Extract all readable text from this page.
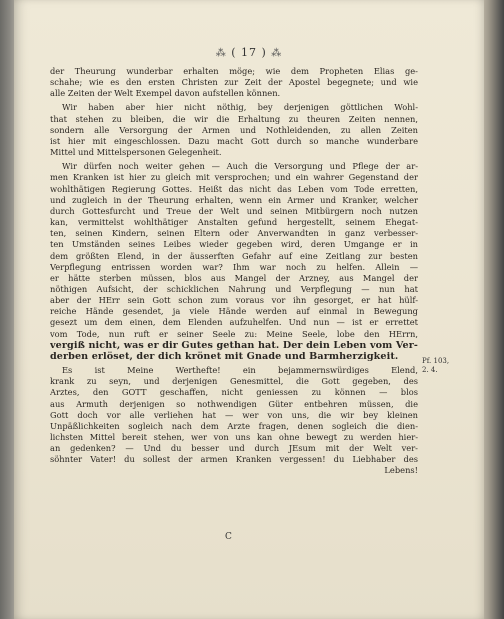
⁂ ( 17 ) ⁂
der Theurung wunderbar erhalten möge; wie dem Propheten Elias ge-
schahe; wie es den ersten Christen zur Zeit der Apostel begegnete; und wie
alle Zeiten der Welt Exempel davon aufstellen können.
Wir haben aber hier nicht nöthig, bey derjenigen göttlichen Wohl-
that stehen zu bleiben, die wir die Erhaltung zu theuren Zeiten nennen,
sondern alle Versorgung der Armen und Nothleidenden, zu allen Zeiten
ist hier mit eingeschlossen. Dazu macht Gott durch so manche wunderbare
Mittel und Mittelspersonen Gelegenheit.
Wir dürfen noch weiter gehen — Auch die Versorgung und Pflege der ar-
men Kranken ist hier zu gleich mit versprochen; und ein wahrer Gegenstand der
wohlthätigen Regierung Gottes. Heißt das nicht das Leben vom Tode erretten,
und zugleich in der Theurung erhalten, wenn ein Armer und Kranker, welcher
durch Gottesfurcht und Treue der Welt und seinen Mitbürgern noch nutzen
kan, vermittelst wohlthätiger Anstalten gefund hergestellt, seinem Ehegat-
ten, seinen Kindern, seinen Eltern oder Anverwandten in ganz verbesser-
ten Umständen seines Leibes wieder gegeben wird, deren Umgange er in
dem größten Elend, in der äusserften Gefahr auf eine Zeitlang zur besten
Verpflegung entrissen worden war? Ihm war noch zu helfen. Allein —
er hätte sterben müssen, blos aus Mangel der Arzney, aus Mangel der
nöthigen Aufsicht, der schicklichen Nahrung und Verpflegung — nun hat
aber der HErr sein Gott schon zum voraus vor ihn gesorget, er hat hülf-
reiche Hände gesendet, ja viele Hände werden auf einmal in Bewegung
gesezt um dem einen, dem Elenden aufzuhelfen. Und nun — ist er errettet
vom Tode, nun ruft er seiner Seele zu: Meine Seele, lobe den HErrn,
vergiß nicht, was er dir Gutes gethan hat. Der dein Leben vom Ver-
derben erlöset, der dich krönet mit Gnade und Barmherzigkeit.
Es ist Meine Werthefte! ein bejammernswürdiges Elend,
krank zu seyn, und derjenigen Genesmittel, die Gott gegeben, des
Arztes, den GOTT geschaffen, nicht geniessen zu können — blos
aus Armuth derjenigen so nothwendigen Güter entbehren müssen, die
Gott doch vor alle verliehen hat — wer von uns, die wir bey kleinen
Unpäßlichkeiten sogleich nach dem Arzte fragen, denen sogleich die dien-
lichsten Mittel bereit stehen, wer von uns kan ohne bewegt zu werden hier-
an gedenken? — Und du besser und durch JEsum mit der Welt ver-
söhnter Vater! du sollest der armen Kranken vergessen! du Liebhaber des
Lebens!
Pf. 103,
2. 4.
C
